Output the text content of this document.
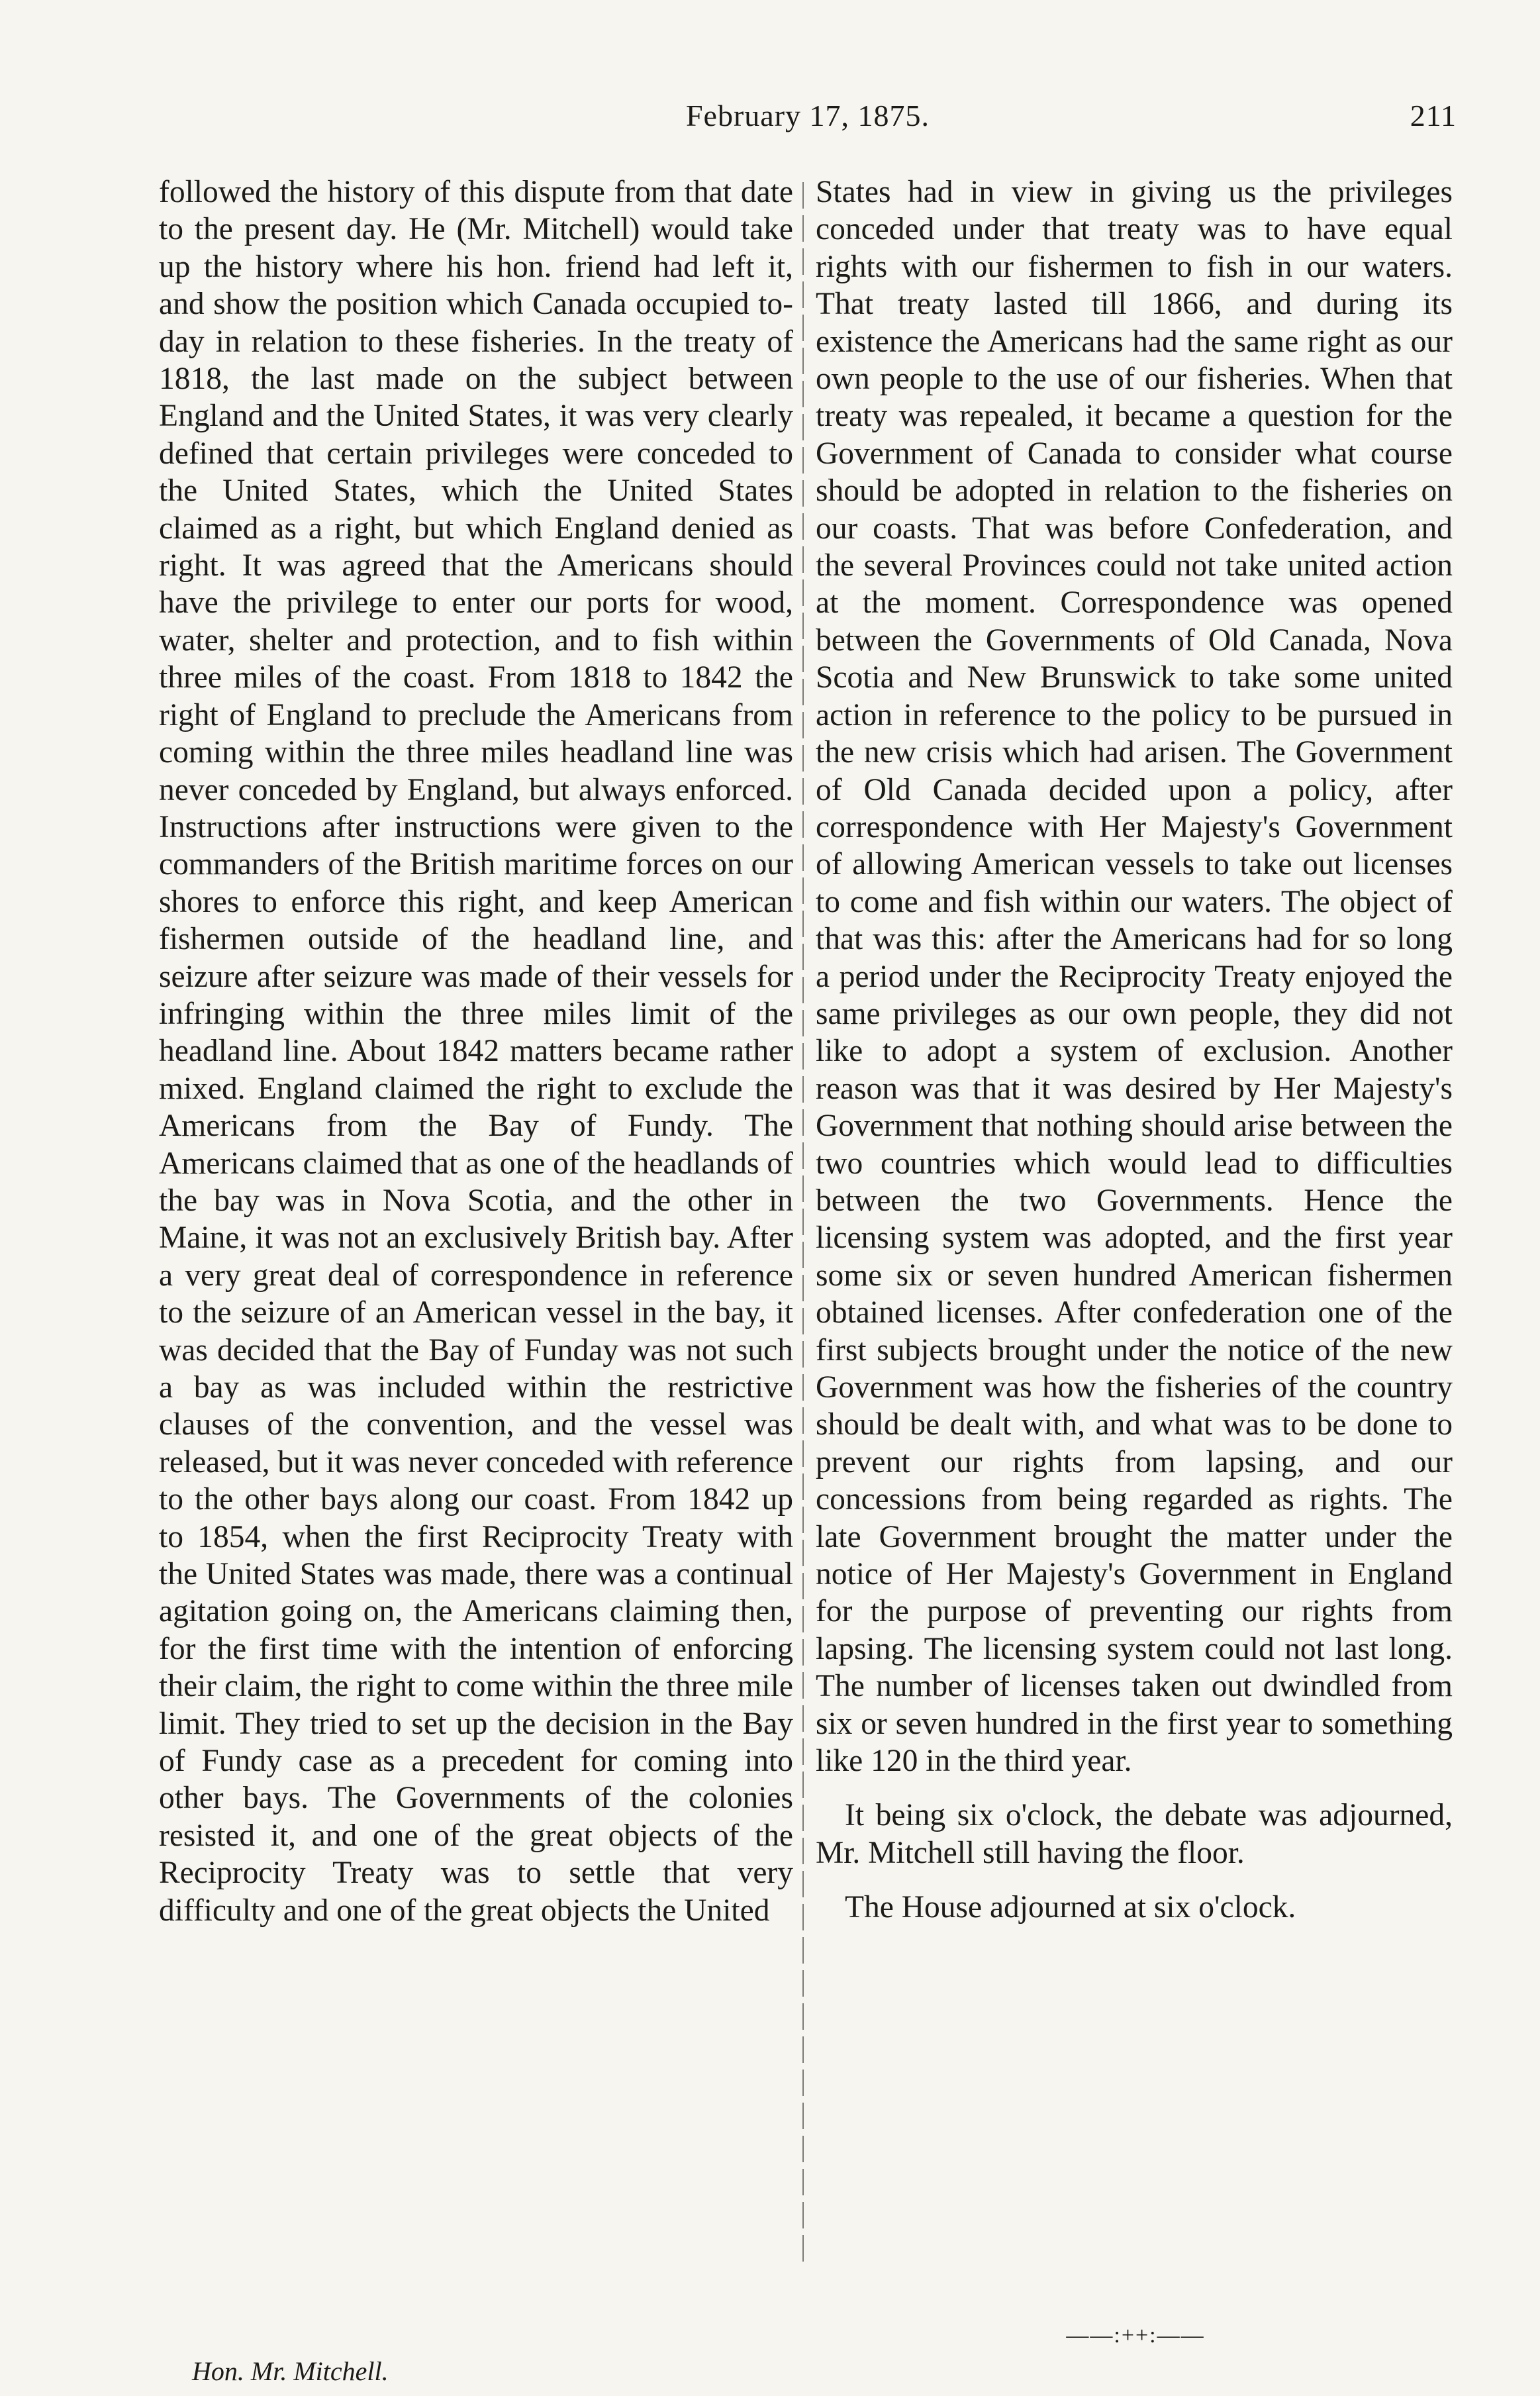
February 17, 1875.	211

followed the history of this dispute from that date to the present day. He (Mr. Mitchell) would take up the history where his hon. friend had left it, and show the position which Canada occupied to-day in relation to these fisheries. In the treaty of 1818, the last made on the subject between England and the United States, it was very clearly defined that certain privileges were conceded to the United States, which the United States claimed as a right, but which England denied as right. It was agreed that the Americans should have the privilege to enter our ports for wood, water, shelter and protection, and to fish within three miles of the coast. From 1818 to 1842 the right of England to preclude the Americans from coming within the three miles headland line was never conceded by England, but always enforced. Instructions after instructions were given to the commanders of the British maritime forces on our shores to enforce this right, and keep American fishermen outside of the headland line, and seizure after seizure was made of their vessels for infringing within the three miles limit of the headland line. About 1842 matters became rather mixed. England claimed the right to exclude the Americans from the Bay of Fundy. The Americans claimed that as one of the headlands of the bay was in Nova Scotia, and the other in Maine, it was not an exclusively British bay. After a very great deal of correspondence in reference to the seizure of an American vessel in the bay, it was decided that the Bay of Funday was not such a bay as was included within the restrictive clauses of the convention, and the vessel was released, but it was never conceded with reference to the other bays along our coast. From 1842 up to 1854, when the first Reciprocity Treaty with the United States was made, there was a continual agitation going on, the Americans claiming then, for the first time with the intention of enforcing their claim, the right to come within the three mile limit. They tried to set up the decision in the Bay of Fundy case as a precedent for coming into other bays. The Governments of the colonies resisted it, and one of the great objects of the Reciprocity Treaty was to settle that very difficulty and one of the great objects the United

States had in view in giving us the privileges conceded under that treaty was to have equal rights with our fishermen to fish in our waters. That treaty lasted till 1866, and during its existence the Americans had the same right as our own people to the use of our fisheries. When that treaty was repealed, it became a question for the Government of Canada to consider what course should be adopted in relation to the fisheries on our coasts. That was before Confederation, and the several Provinces could not take united action at the moment. Correspondence was opened between the Governments of Old Canada, Nova Scotia and New Brunswick to take some united action in reference to the policy to be pursued in the new crisis which had arisen. The Government of Old Canada decided upon a policy, after correspondence with Her Majesty's Government of allowing American vessels to take out licenses to come and fish within our waters. The object of that was this: after the Americans had for so long a period under the Reciprocity Treaty enjoyed the same privileges as our own people, they did not like to adopt a system of exclusion. Another reason was that it was desired by Her Majesty's Government that nothing should arise between the two countries which would lead to difficulties between the two Governments. Hence the licensing system was adopted, and the first year some six or seven hundred American fishermen obtained licenses. After confederation one of the first subjects brought under the notice of the new Government was how the fisheries of the country should be dealt with, and what was to be done to prevent our rights from lapsing, and our concessions from being regarded as rights. The late Government brought the matter under the notice of Her Majesty's Government in England for the purpose of preventing our rights from lapsing. The licensing system could not last long. The number of licenses taken out dwindled from six or seven hundred in the first year to something like 120 in the third year.

It being six o'clock, the debate was adjourned, Mr. Mitchell still having the floor.

The House adjourned at six o'clock.

——:++:——
Hon. Mr. Mitchell.
